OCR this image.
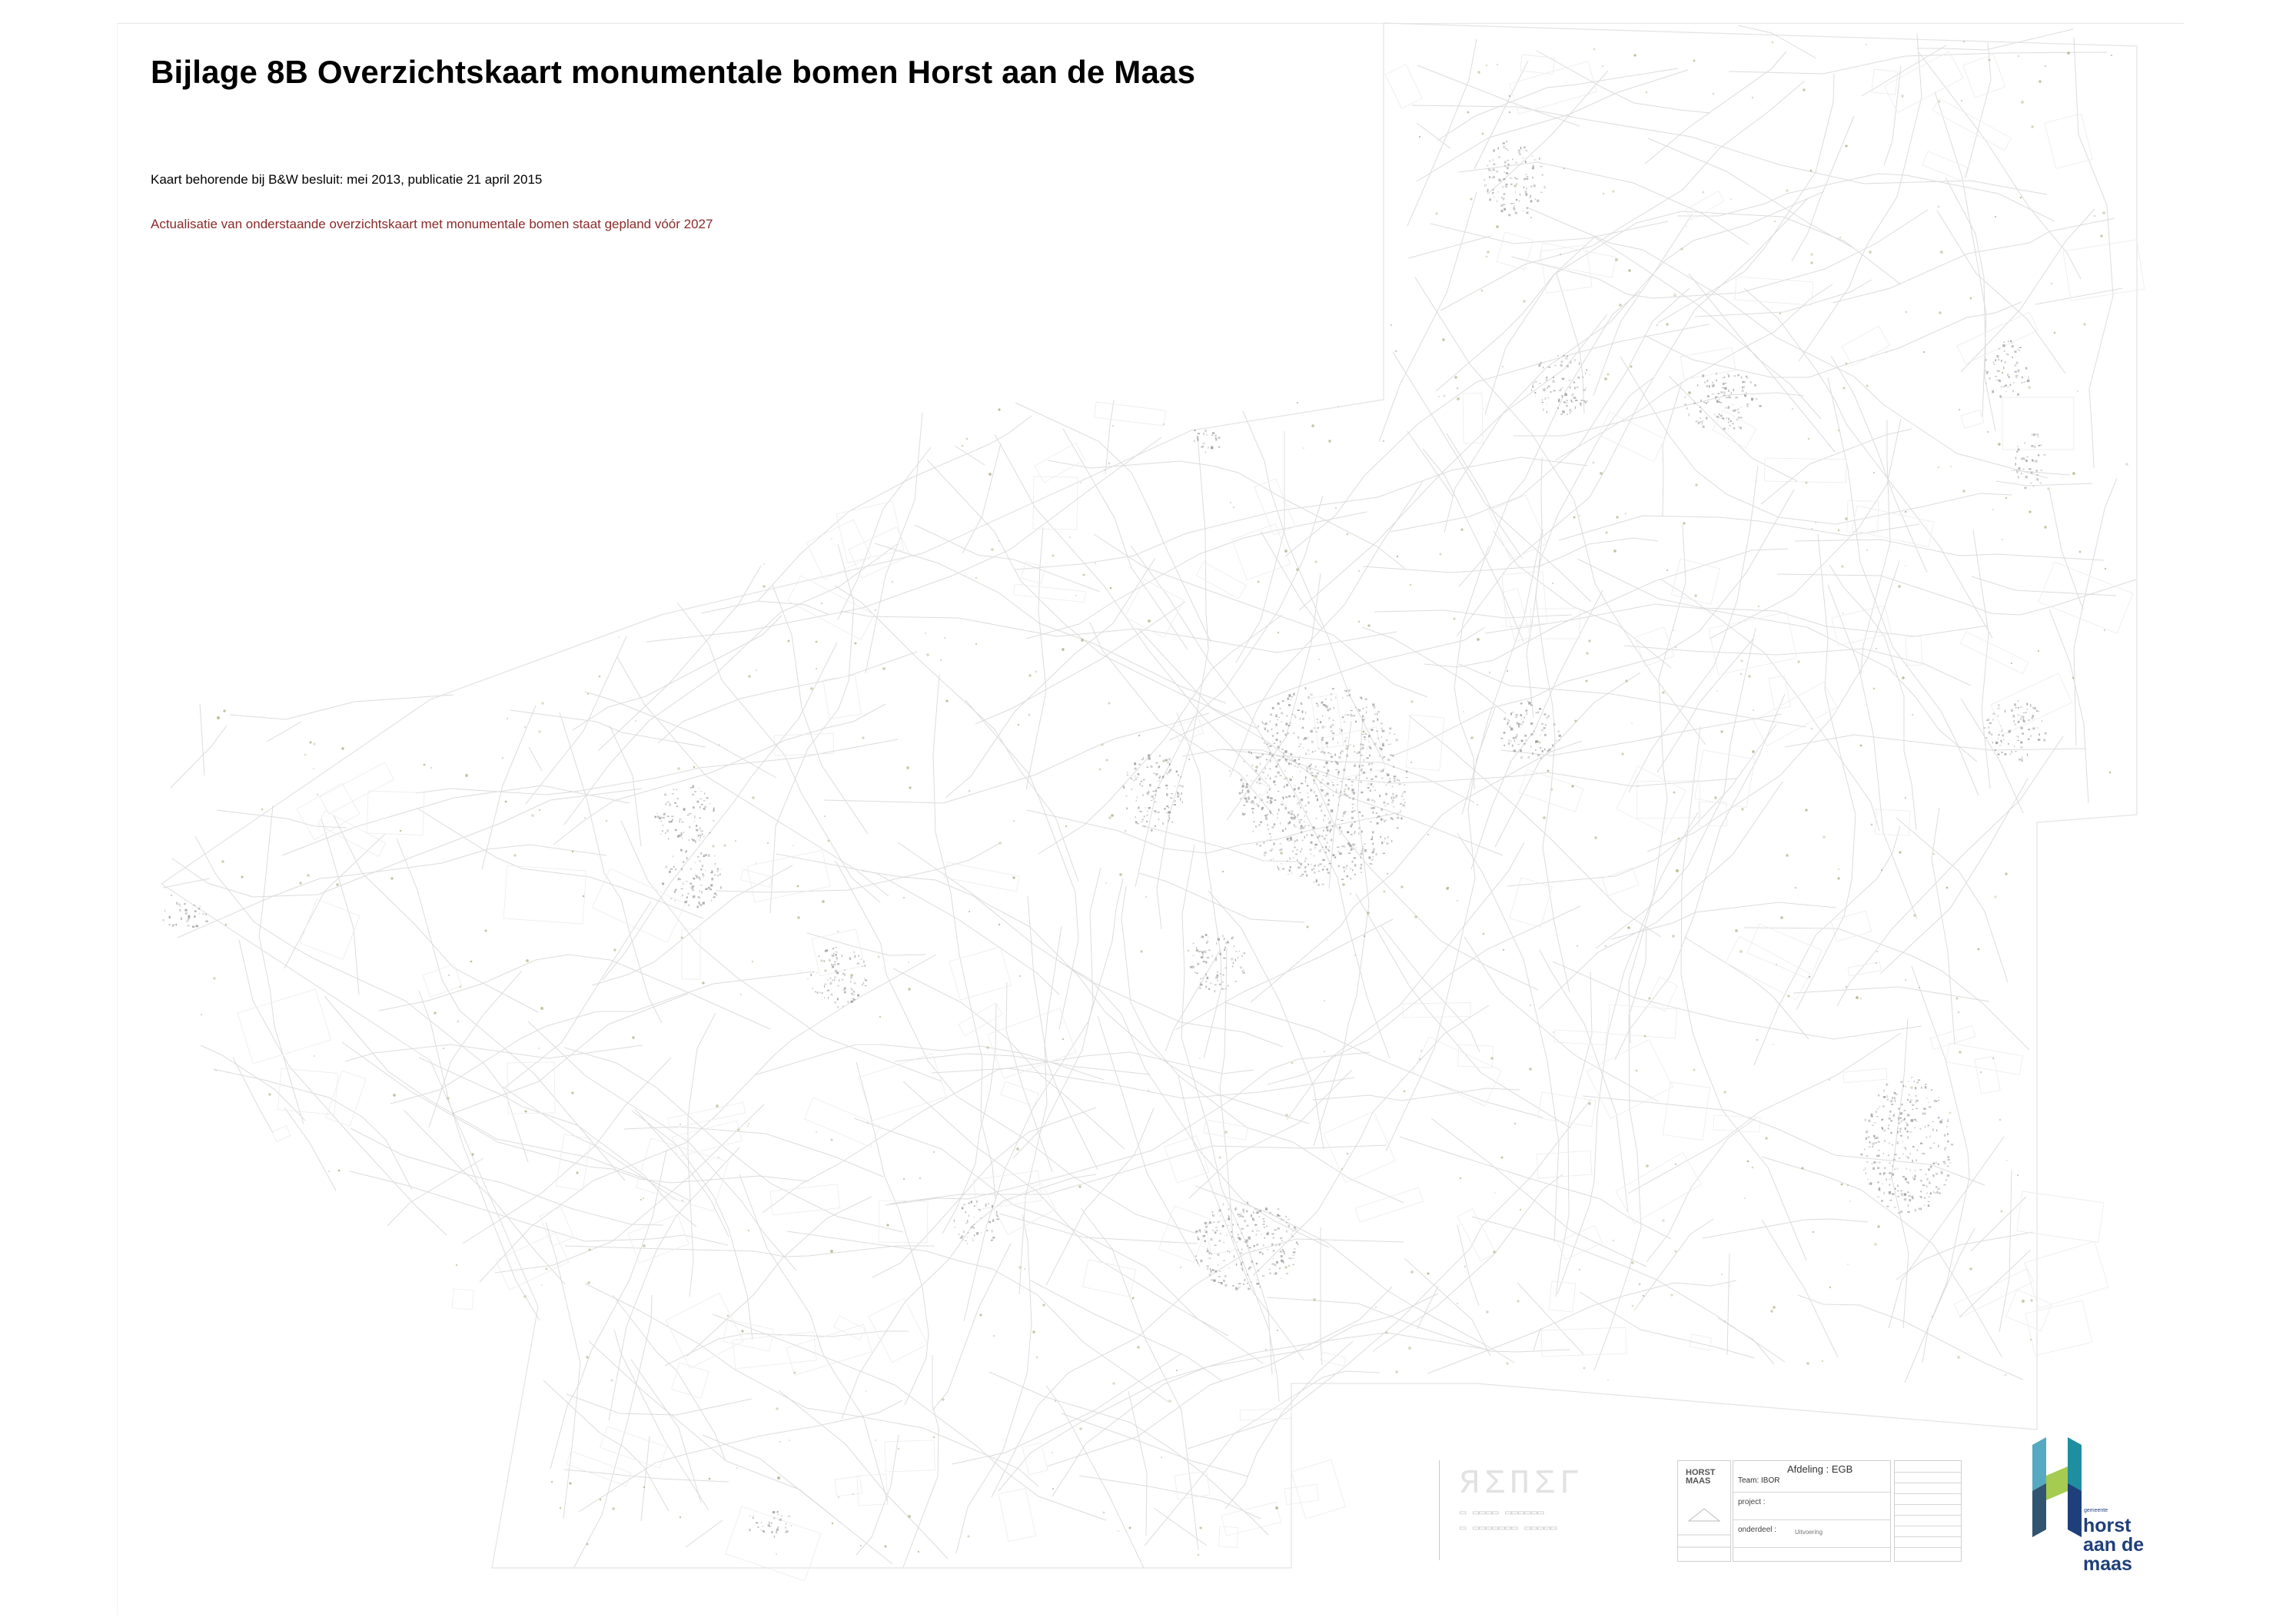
Bijlage 8B Overzichtskaart monumentale bomen Horst aan de Maas
Kaart behorende bij B&W besluit: mei 2013, publicatie 21 april 2015
Actualisatie van onderstaande overzichtskaart met monumentale bomen staat gepland vóór 2027
ЯΣΠΣΓ
▭ ▭▭▭▭ ▭▭▭▭▭▭
▭ ▭▭▭▭▭▭▭ ▭▭▭▭▭
HORST
MAAS
Afdeling : EGB
Team: IBOR
project :
onderdeel :	Uitvoering
gemeente
horst
aan de
maas
